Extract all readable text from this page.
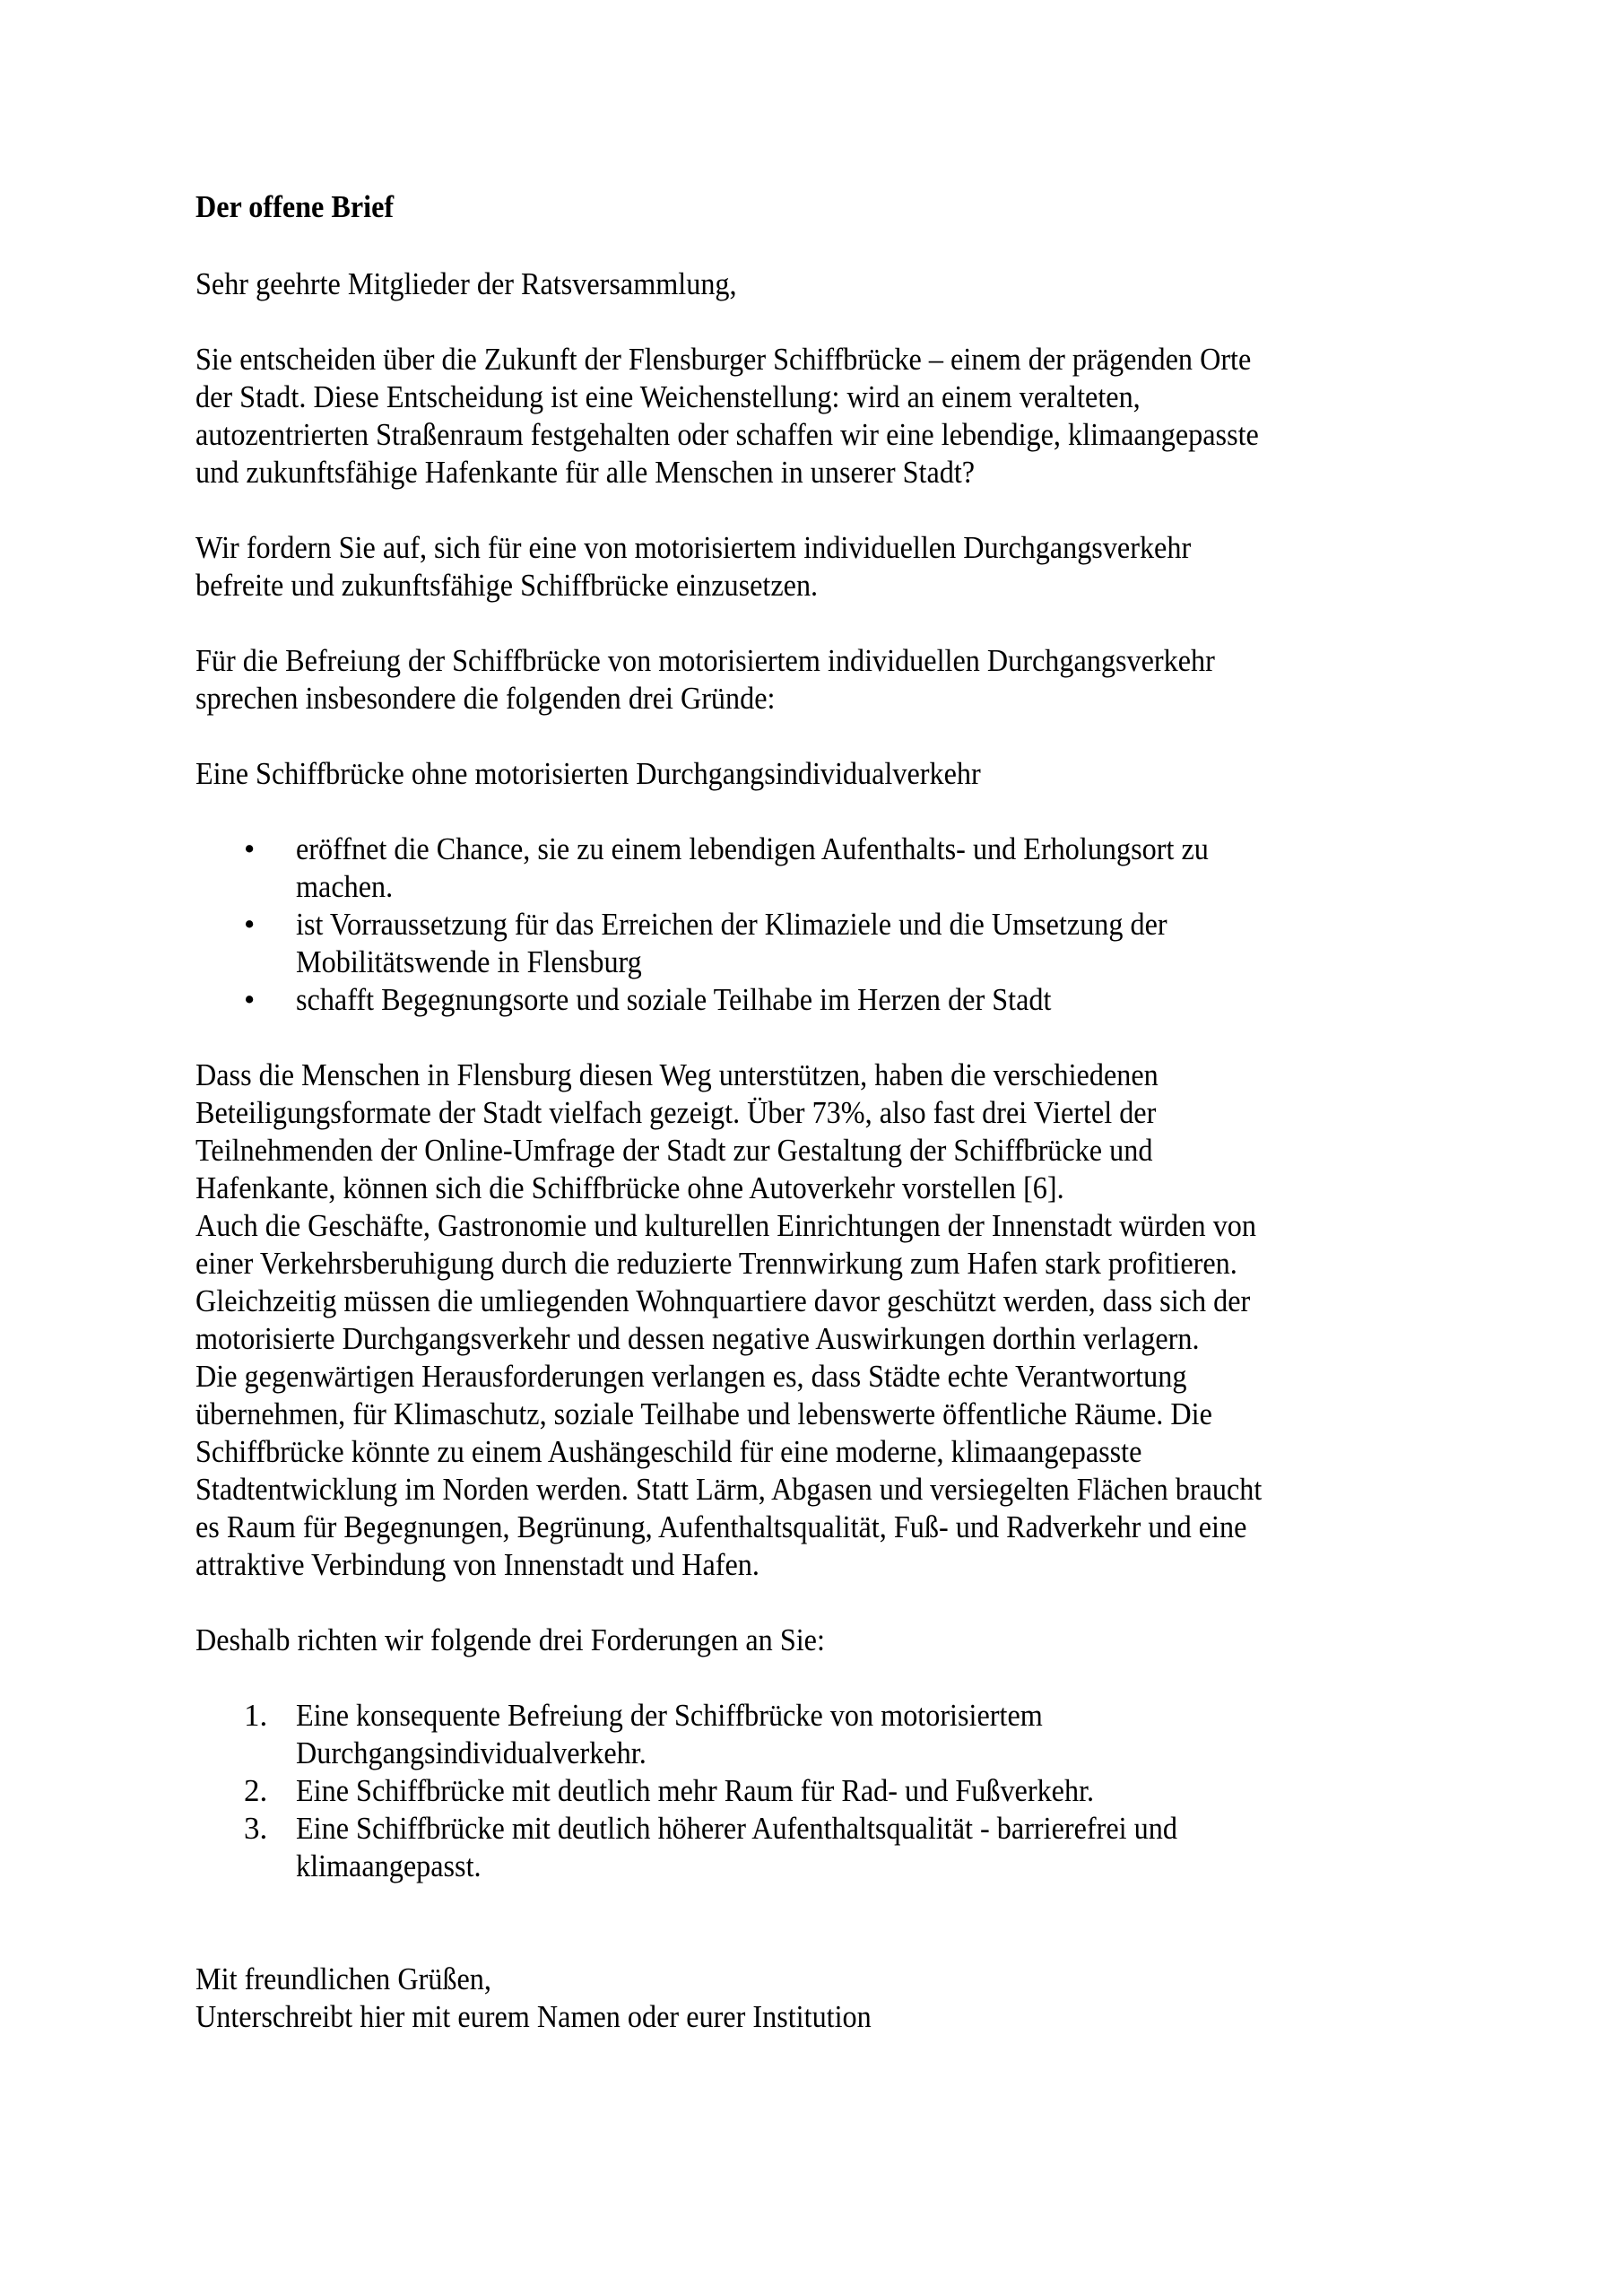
Der offene Brief
Sehr geehrte Mitglieder der Ratsversammlung,
Sie entscheiden über die Zukunft der Flensburger Schiffbrücke – einem der prägenden Orte
der Stadt. Diese Entscheidung ist eine Weichenstellung: wird an einem veralteten,
autozentrierten Straßenraum festgehalten oder schaffen wir eine lebendige, klimaangepasste
und zukunftsfähige Hafenkante für alle Menschen in unserer Stadt?
Wir fordern Sie auf, sich für eine von motorisiertem individuellen Durchgangsverkehr
befreite und zukunftsfähige Schiffbrücke einzusetzen.
Für die Befreiung der Schiffbrücke von motorisiertem individuellen Durchgangsverkehr
sprechen insbesondere die folgenden drei Gründe:
Eine Schiffbrücke ohne motorisierten Durchgangsindividualverkehr
• eröffnet die Chance, sie zu einem lebendigen Aufenthalts- und Erholungsort zu
machen.
• ist Vorraussetzung für das Erreichen der Klimaziele und die Umsetzung der
Mobilitätswende in Flensburg
• schafft Begegnungsorte und soziale Teilhabe im Herzen der Stadt
Dass die Menschen in Flensburg diesen Weg unterstützen, haben die verschiedenen
Beteiligungsformate der Stadt vielfach gezeigt. Über 73%, also fast drei Viertel der
Teilnehmenden der Online-Umfrage der Stadt zur Gestaltung der Schiffbrücke und
Hafenkante, können sich die Schiffbrücke ohne Autoverkehr vorstellen [6].
Auch die Geschäfte, Gastronomie und kulturellen Einrichtungen der Innenstadt würden von
einer Verkehrsberuhigung durch die reduzierte Trennwirkung zum Hafen stark profitieren.
Gleichzeitig müssen die umliegenden Wohnquartiere davor geschützt werden, dass sich der
motorisierte Durchgangsverkehr und dessen negative Auswirkungen dorthin verlagern.
Die gegenwärtigen Herausforderungen verlangen es, dass Städte echte Verantwortung
übernehmen, für Klimaschutz, soziale Teilhabe und lebenswerte öffentliche Räume. Die
Schiffbrücke könnte zu einem Aushängeschild für eine moderne, klimaangepasste
Stadtentwicklung im Norden werden. Statt Lärm, Abgasen und versiegelten Flächen braucht
es Raum für Begegnungen, Begrünung, Aufenthaltsqualität, Fuß- und Radverkehr und eine
attraktive Verbindung von Innenstadt und Hafen.
Deshalb richten wir folgende drei Forderungen an Sie:
1. Eine konsequente Befreiung der Schiffbrücke von motorisiertem
Durchgangsindividualverkehr.
2. Eine Schiffbrücke mit deutlich mehr Raum für Rad- und Fußverkehr.
3. Eine Schiffbrücke mit deutlich höherer Aufenthaltsqualität - barrierefrei und
klimaangepasst.
Mit freundlichen Grüßen,
Unterschreibt hier mit eurem Namen oder eurer Institution
